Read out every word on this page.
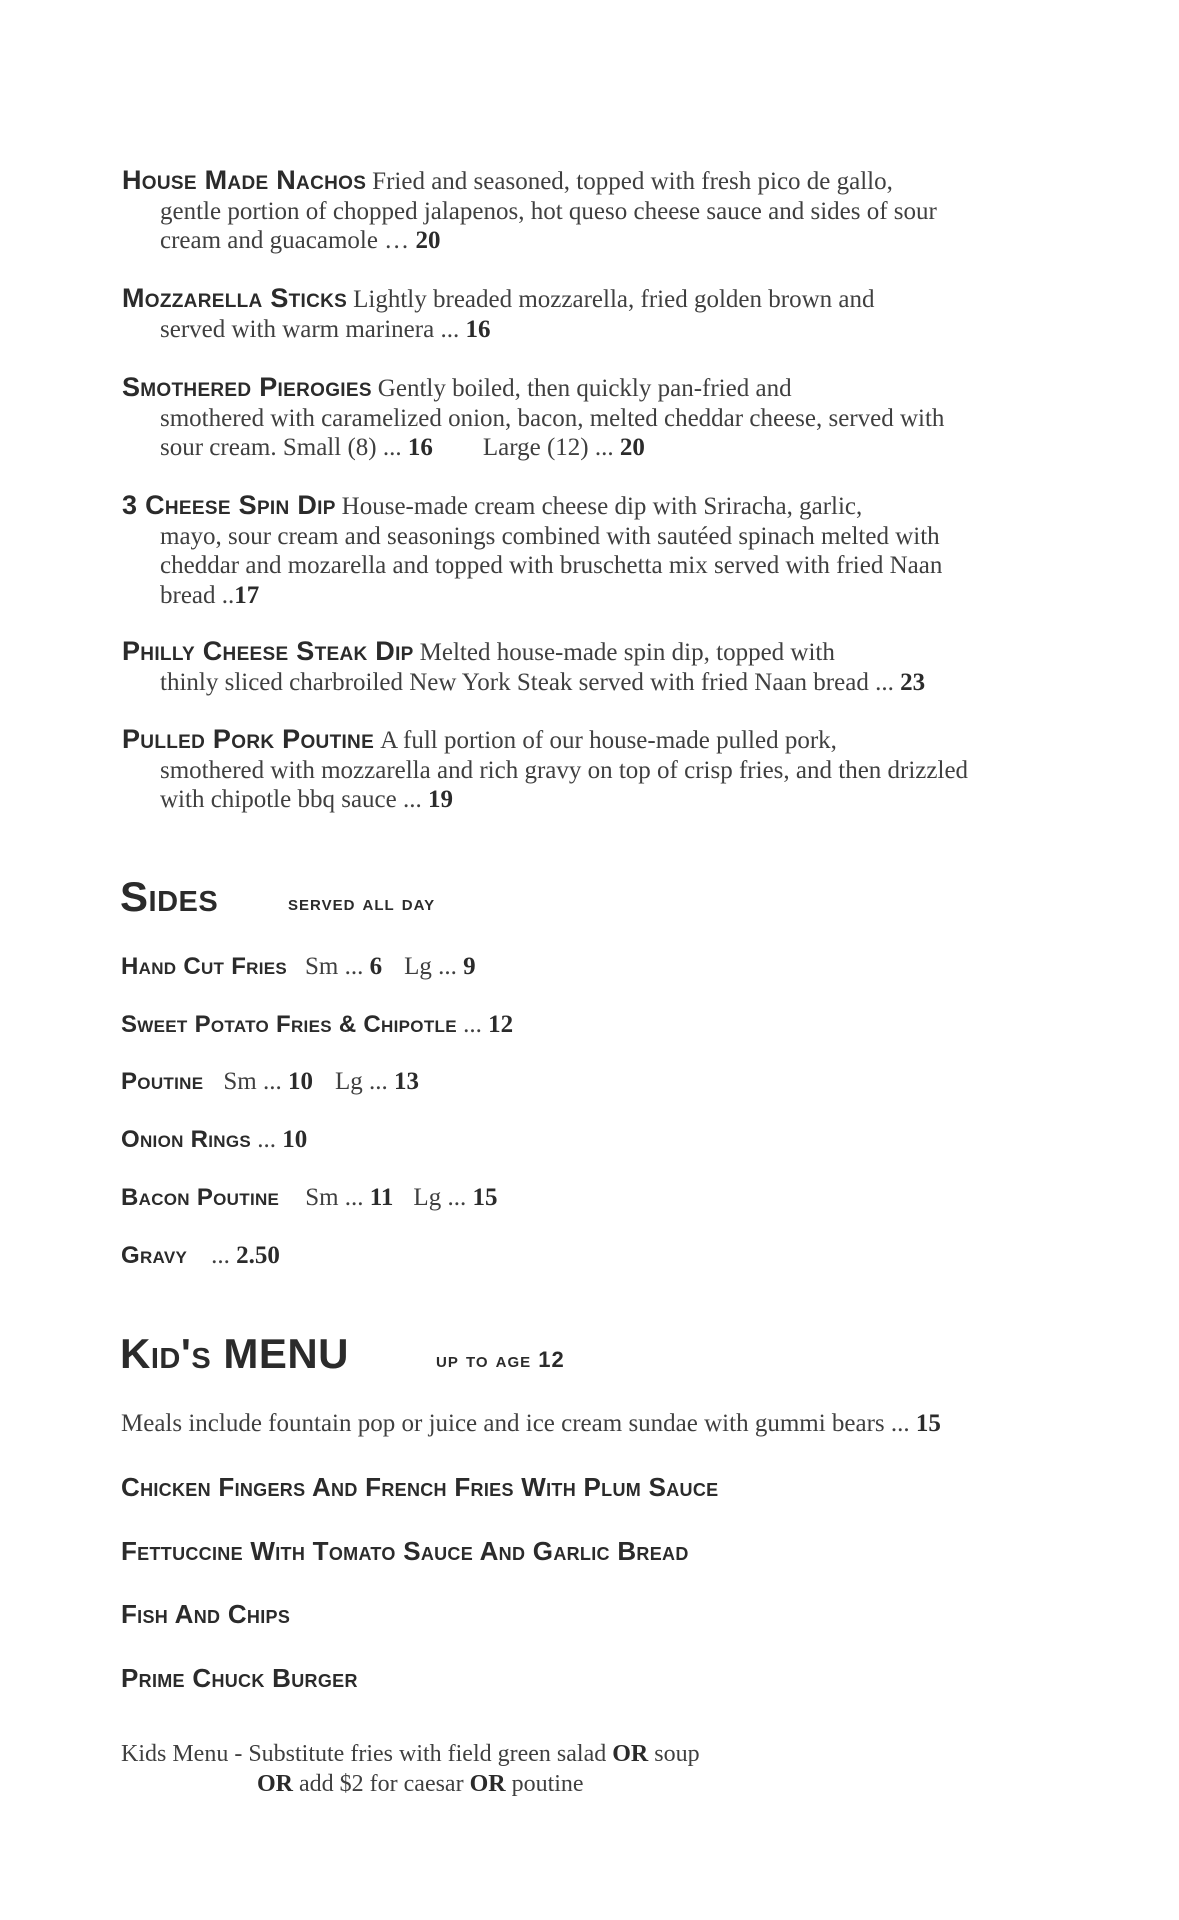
House Made Nachos Fried and seasoned, topped with fresh pico de gallo,
gentle portion of chopped jalapenos, hot queso cheese sauce and sides of sour
cream and guacamole … 20
Mozzarella Sticks Lightly breaded mozzarella, fried golden brown and
served with warm marinera ... 16
Smothered Pierogies Gently boiled, then quickly pan-fried and
smothered with caramelized onion, bacon, melted cheddar cheese, served with
sour cream. Small (8) ... 16 Large (12) ... 20
3 Cheese Spin Dip House-made cream cheese dip with Sriracha, garlic,
mayo, sour cream and seasonings combined with sautéed spinach melted with
cheddar and mozarella and topped with bruschetta mix served with fried Naan
bread ..17
Philly Cheese Steak Dip Melted house-made spin dip, topped with
thinly sliced charbroiled New York Steak served with fried Naan bread ... 23
Pulled Pork Poutine A full portion of our house-made pulled pork,
smothered with mozzarella and rich gravy on top of crisp fries, and then drizzled
with chipotle bbq sauce ... 19
Sides	served all day
Hand Cut Fries Sm ... 6 Lg ... 9
Sweet Potato Fries & Chipotle ... 12
Poutine Sm ... 10 Lg ... 13
Onion Rings ... 10
Bacon Poutine Sm ... 11 Lg ... 15
Gravy ... 2.50
Kid's MENU	up to age 12
Meals include fountain pop or juice and ice cream sundae with gummi bears ... 15
Chicken Fingers And French Fries With Plum Sauce
Fettuccine With Tomato Sauce And Garlic Bread
Fish And Chips
Prime Chuck Burger
Kids Menu - Substitute fries with field green salad OR soup
OR add $2 for caesar OR poutine
